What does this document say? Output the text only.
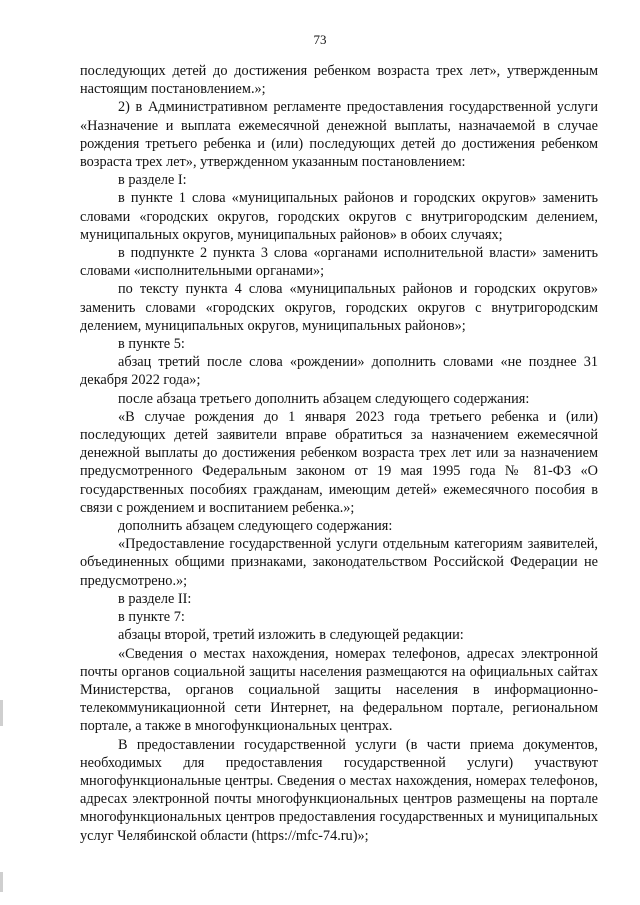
73

последующих детей до достижения ребенком возраста трех лет», утвержденным настоящим постановлением.»;

2) в Административном регламенте предоставления государственной услуги «Назначение и выплата ежемесячной денежной выплаты, назначаемой в случае рождения третьего ребенка и (или) последующих детей до достижения ребенком возраста трех лет», утвержденном указанным постановлением:

в разделе I:

в пункте 1 слова «муниципальных районов и городских округов» заменить словами «городских округов, городских округов с внутригородским делением, муниципальных округов, муниципальных районов» в обоих случаях;

в подпункте 2 пункта 3 слова «органами исполнительной власти» заменить словами «исполнительными органами»;

по тексту пункта 4 слова «муниципальных районов и городских округов» заменить словами «городских округов, городских округов с внутригородским делением, муниципальных округов, муниципальных районов»;

в пункте 5:

абзац третий после слова «рождении» дополнить словами «не позднее 31 декабря 2022 года»;

после абзаца третьего дополнить абзацем следующего содержания:

«В случае рождения до 1 января 2023 года третьего ребенка и (или) последующих детей заявители вправе обратиться за назначением ежемесячной денежной выплаты до достижения ребенком возраста трех лет или за назначением предусмотренного Федеральным законом от 19 мая 1995 года № 81-ФЗ «О государственных пособиях гражданам, имеющим детей» ежемесячного пособия в связи с рождением и воспитанием ребенка.»;

дополнить абзацем следующего содержания:

«Предоставление государственной услуги отдельным категориям заявителей, объединенных общими признаками, законодательством Российской Федерации не предусмотрено.»;

в разделе II:

в пункте 7:

абзацы второй, третий изложить в следующей редакции:

«Сведения о местах нахождения, номерах телефонов, адресах электронной почты органов социальной защиты населения размещаются на официальных сайтах Министерства, органов социальной защиты населения в информационно-телекоммуникационной сети Интернет, на федеральном портале, региональном портале, а также в многофункциональных центрах.

В предоставлении государственной услуги (в части приема документов, необходимых для предоставления государственной услуги) участвуют многофункциональные центры. Сведения о местах нахождения, номерах телефонов, адресах электронной почты многофункциональных центров размещены на портале многофункциональных центров предоставления государственных и муниципальных услуг Челябинской области (https://mfc-74.ru)»;
